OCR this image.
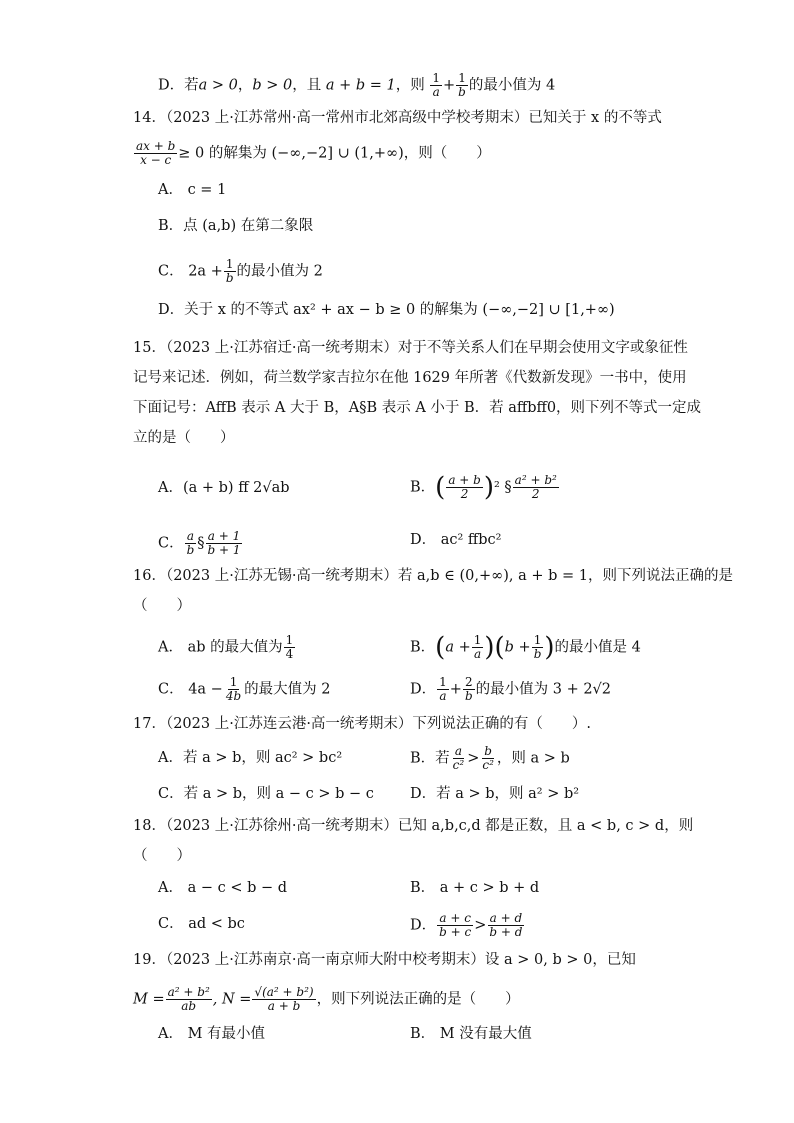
D．若a > 0，b > 0，且 a + b = 1，则 $\frac{1}{a} + \frac{1}{b}$ 的最小值为 4
14．（2023 上·江苏常州·高一常州市北郊高级中学校考期末）已知关于 x 的不等式
$\frac{ax + b}{x - c} \ge 0$ 的解集为 (−∞,−2] ∪ (1,+∞)，则（　　）
A． c = 1
B．点 (a,b) 在第二象限
C． $2a + \frac{1}{b}$ 的最小值为 2
D．关于 x 的不等式 ax² + ax − b ≥ 0 的解集为 (−∞,−2] ∪ [1,+∞)
15．（2023 上·江苏宿迁·高一统考期末）对于不等关系人们在早期会使用文字或象征性
记号来记述．例如，荷兰数学家吉拉尔在他 1629 年所著《代数新发现》一书中，使用
下面记号：AffB 表示 A 大于 B，A§B 表示 A 小于 B．若 affbff0，则下列不等式一定成
立的是（　　）
A．(a + b) ff 2√ab	B．( $\frac{a + b}{2} )^2$ § $\frac{\text{a² + b²}}{2}$
C． $\frac{a}{b}$ § $\frac{a + 1}{b + 1}$	D． ac² ffbc²
16．（2023 上·江苏无锡·高一统考期末）若 a,b ∈ (0,+∞), a + b = 1，则下列说法正确的是
（　　）
A． ab 的最大值为 $\frac{1}{4}$	B．$(a + \frac{1}{a} )(b + \frac{1}{b}$ )的最小值是 4
C． $4a - \frac{1}{4b}$ 的最大值为 2	D． $\frac{1}{a} + \frac{2}{b}$ 的最小值为 3 + 2√2
17．（2023 上·江苏连云港·高一统考期末）下列说法正确的有（　　）.
A．若 a > b，则 ac² > bc²	B．若 $\frac{a}{\text{c²}} > \frac{b}{\text{c²}}$ ，则 a > b
C．若 a > b，则 a − c > b − c D．若 a > b，则 a² > b²
18．（2023 上·江苏徐州·高一统考期末）已知 a,b,c,d 都是正数，且 a < b, c > d，则
（　　）
A． a − c < b − d	B． a + c > b + d
C． ad < bc	D． $\frac{a + c}{b + c} > \frac{a + d}{b + d}$
19．（2023 上·江苏南京·高一南京师大附中校考期末）设 a > 0, b > 0，已知
$M = \frac{\text{a² + b²}}{ab}$ , $N = \frac{\text{√(a² + b²)}}{a + b}$ ，则下列说法正确的是（　　）
A． M 有最小值	B． M 没有最大值
